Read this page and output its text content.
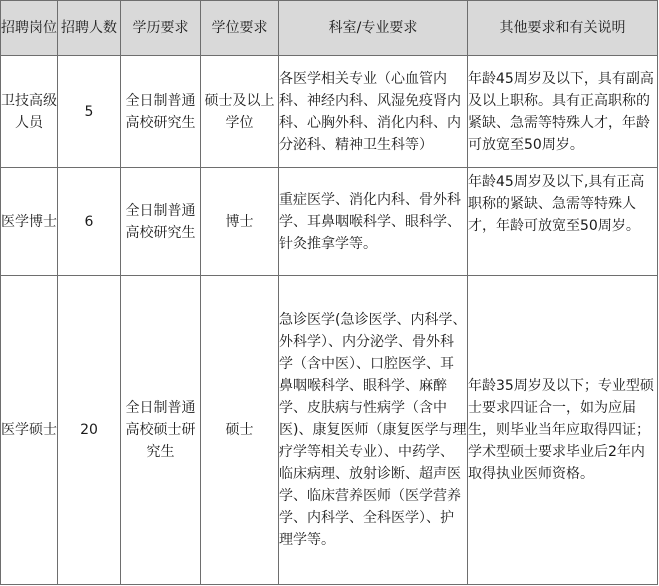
招聘岗位	招聘人数	学历要求	学位要求	科室/专业要求	其他要求和有关说明
卫技高级人员	5	全日制普通高校研究生	硕士及以上学位	各医学相关专业（心血管内科、神经内科、风湿免疫肾内科、心胸外科、消化内科、内分泌科、精神卫生科等）	年龄45周岁及以下，具有副高及以上职称。具有正高职称的紧缺、急需等特殊人才，年龄可放宽至50周岁。
医学博士	6	全日制普通高校研究生	博士	重症医学、消化内科、骨外科学、耳鼻咽喉科学、眼科学、针灸推拿学等。	年龄45周岁及以下,具有正高职称的紧缺、急需等特殊人才，年龄可放宽至50周岁。
医学硕士	20	全日制普通高校硕士研究生	硕士	急诊医学(急诊医学、内科学、外科学）、内分泌学、骨外科学（含中医）、口腔医学、耳鼻咽喉科学、眼科学、麻醉学、皮肤病与性病学（含中医)、康复医师（康复医学与理疗学等相关专业）、中药学、临床病理、放射诊断、超声医学、临床营养医师（医学营养学、内科学、全科医学）、护理学等。	年龄35周岁及以下；专业型硕士要求四证合一，如为应届生，则毕业当年应取得四证；学术型硕士要求毕业后2年内取得执业医师资格。
